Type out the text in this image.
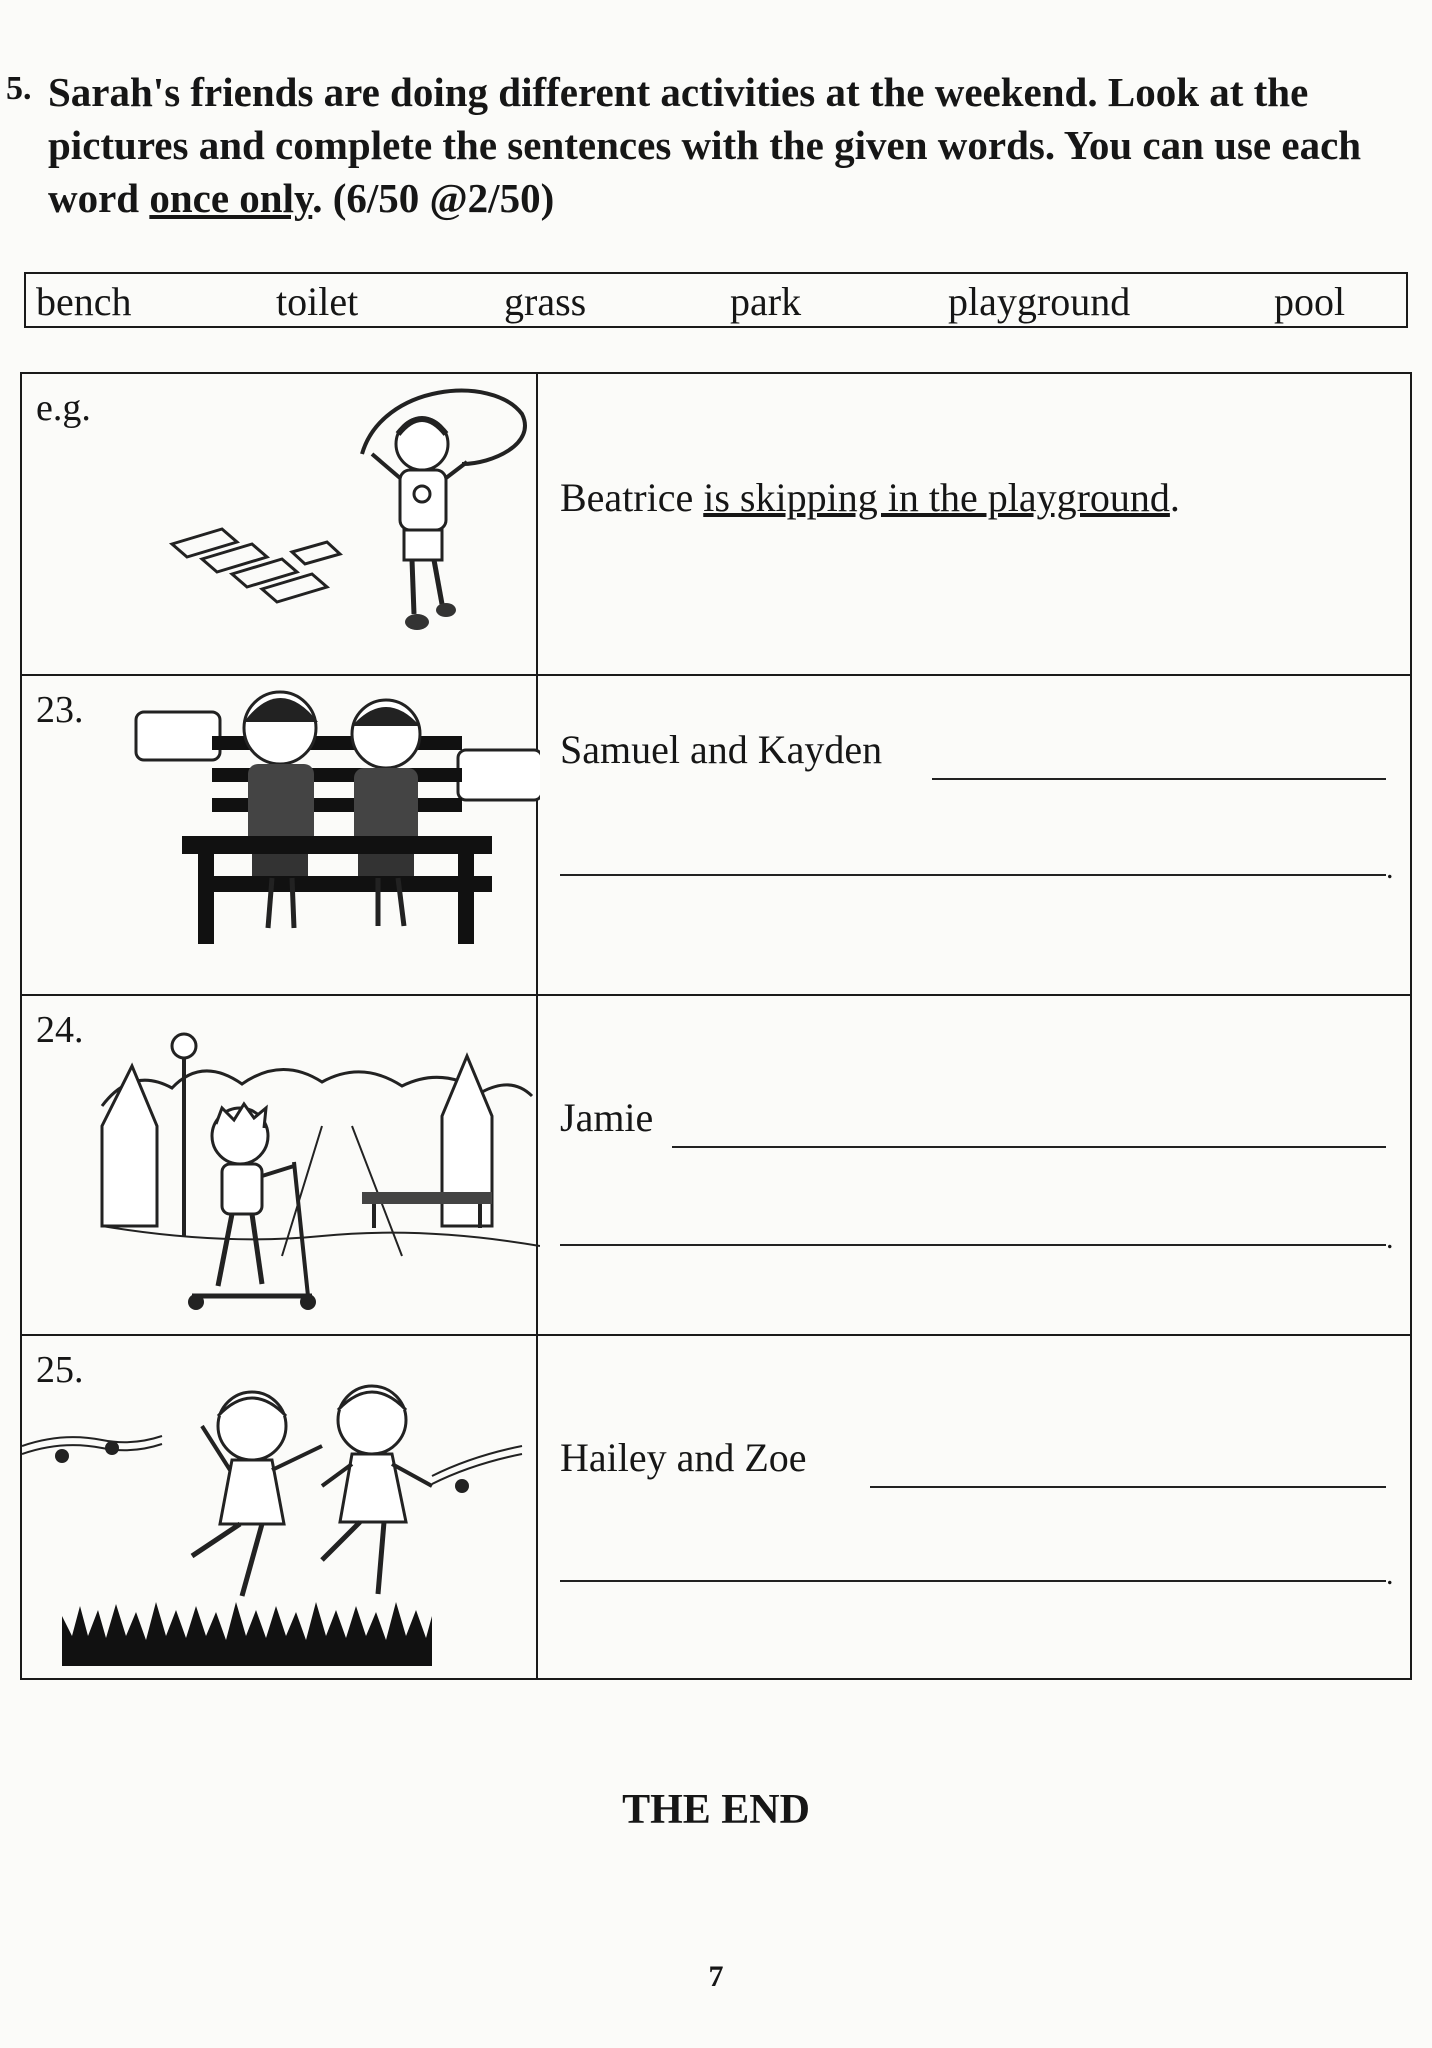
5. Sarah's friends are doing different activities at the weekend. Look at the pictures and complete the sentences with the given words. You can use each word once only. (6/50 @2/50)
bench	toilet	grass	park	playground	pool
e.g.
Beatrice is skipping in the playground.
23.
Samuel and Kayden
.
24.
Jamie
.
25.
Hailey and Zoe
.
THE END
7
